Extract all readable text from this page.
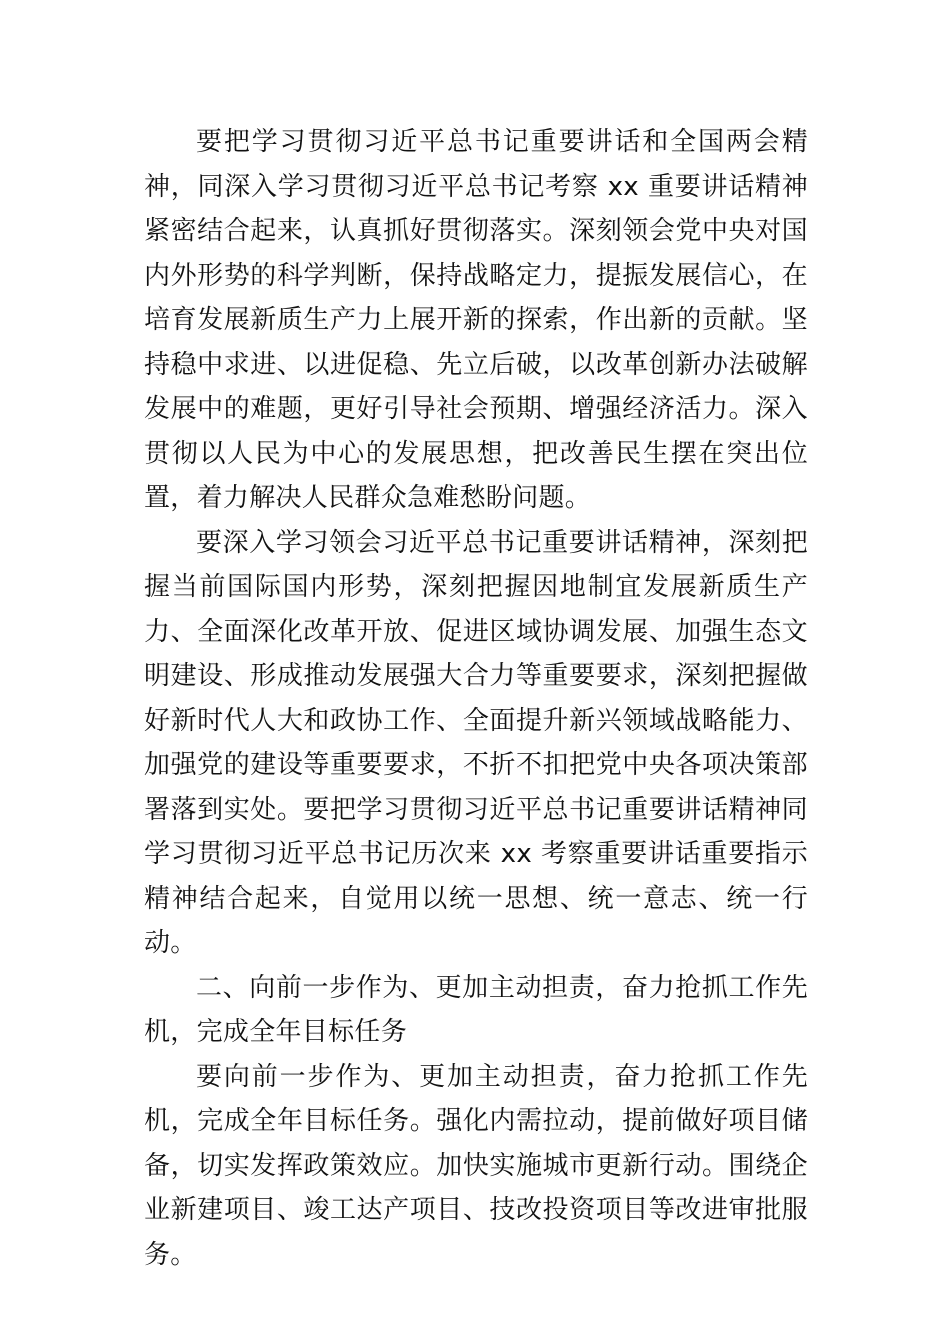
要把学习贯彻习近平总书记重要讲话和全国两会精神，同深入学习贯彻习近平总书记考察 xx 重要讲话精神紧密结合起来，认真抓好贯彻落实。深刻领会党中央对国内外形势的科学判断，保持战略定力，提振发展信心，在培育发展新质生产力上展开新的探索，作出新的贡献。坚持稳中求进、以进促稳、先立后破，以改革创新办法破解发展中的难题，更好引导社会预期、增强经济活力。深入贯彻以人民为中心的发展思想，把改善民生摆在突出位置，着力解决人民群众急难愁盼问题。

要深入学习领会习近平总书记重要讲话精神，深刻把握当前国际国内形势，深刻把握因地制宜发展新质生产力、全面深化改革开放、促进区域协调发展、加强生态文明建设、形成推动发展强大合力等重要要求，深刻把握做好新时代人大和政协工作、全面提升新兴领域战略能力、加强党的建设等重要要求，不折不扣把党中央各项决策部署落到实处。要把学习贯彻习近平总书记重要讲话精神同学习贯彻习近平总书记历次来 xx 考察重要讲话重要指示精神结合起来，自觉用以统一思想、统一意志、统一行动。

二、向前一步作为、更加主动担责，奋力抢抓工作先机，完成全年目标任务

要向前一步作为、更加主动担责，奋力抢抓工作先机，完成全年目标任务。强化内需拉动，提前做好项目储备，切实发挥政策效应。加快实施城市更新行动。围绕企业新建项目、竣工达产项目、技改投资项目等改进审批服务。
